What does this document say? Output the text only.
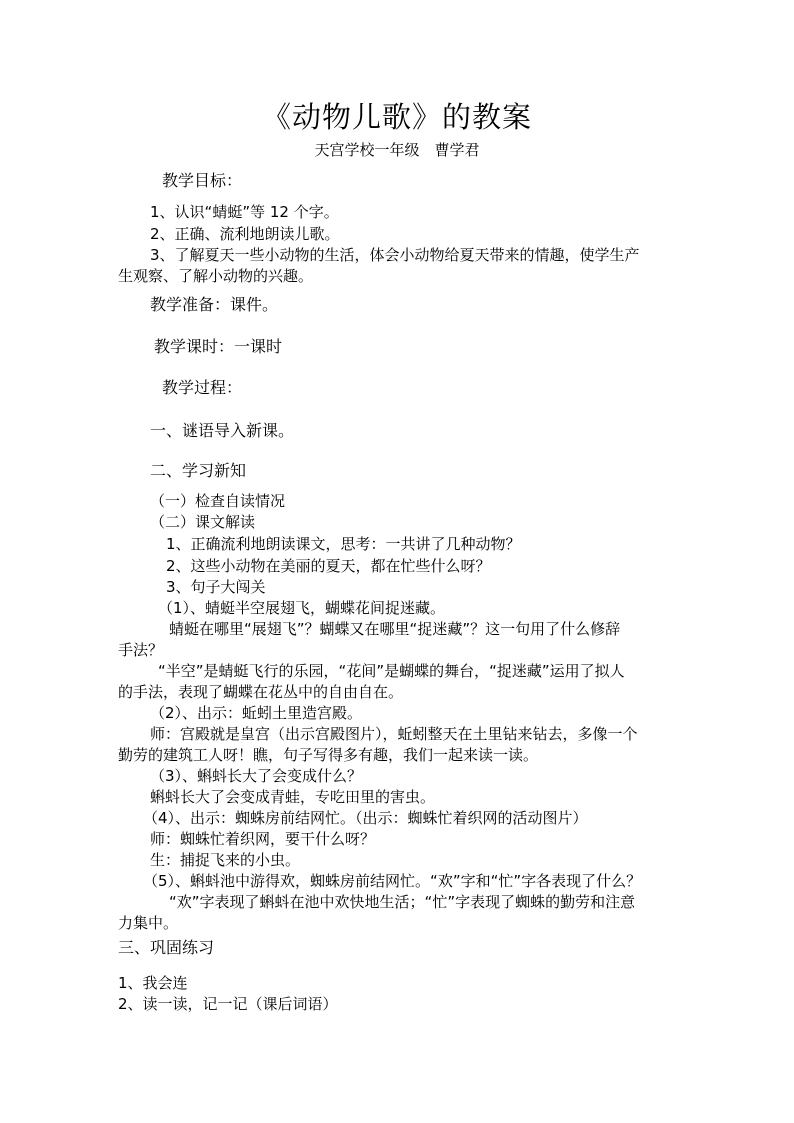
《动物儿歌》的教案
天宫学校一年级　曹学君
教学目标：
1、认识“蜻蜓”等 12 个字。
2、正确、流利地朗读儿歌。
3、了解夏天一些小动物的生活，体会小动物给夏天带来的情趣，使学生产
生观察、了解小动物的兴趣。
教学准备：课件。
教学课时：一课时
教学过程：
一、谜语导入新课。
二、学习新知
（一）检查自读情况
（二）课文解读
1、正确流利地朗读课文，思考：一共讲了几种动物？
2、这些小动物在美丽的夏天，都在忙些什么呀？
3、句子大闯关
（1）、蜻蜓半空展翅飞，蝴蝶花间捉迷藏。
蜻蜓在哪里“展翅飞”？蝴蝶又在哪里“捉迷藏”？这一句用了什么修辞
手法？
“半空”是蜻蜓飞行的乐园，“花间”是蝴蝶的舞台，“捉迷藏”运用了拟人
的手法，表现了蝴蝶在花丛中的自由自在。
（2）、出示：蚯蚓土里造宫殿。
师：宫殿就是皇宫（出示宫殿图片），蚯蚓整天在土里钻来钻去，多像一个
勤劳的建筑工人呀！瞧，句子写得多有趣，我们一起来读一读。
（3）、蝌蚪长大了会变成什么？
蝌蚪长大了会变成青蛙，专吃田里的害虫。
（4）、出示：蜘蛛房前结网忙。（出示：蜘蛛忙着织网的活动图片）
师：蜘蛛忙着织网，要干什么呀？
生：捕捉飞来的小虫。
（5）、蝌蚪池中游得欢，蜘蛛房前结网忙。“欢”字和“忙”字各表现了什么？
“欢”字表现了蝌蚪在池中欢快地生活；“忙”字表现了蜘蛛的勤劳和注意
力集中。
三、巩固练习
1、我会连
2、读一读，记一记（课后词语）
